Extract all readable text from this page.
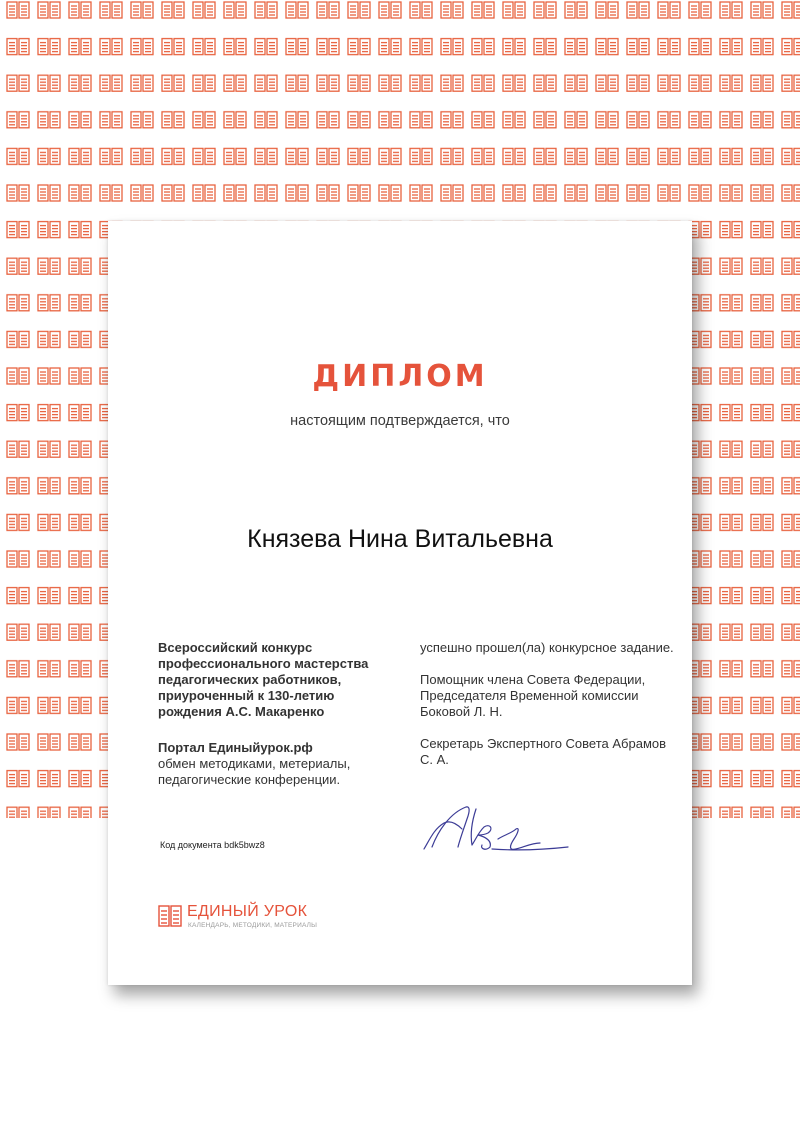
ДИПЛОМ
настоящим подтверждается, что
Князева Нина Витальевна

Всероссийский конкурс профессионального мастерства педагогических работников, приуроченный к 130-летию рождения А.С. Макаренко

Портал Единыйурок.рф

обмен методиками, метериалы, педагогические конференции.

успешно прошел(ла) конкурсное задание.

Помощник члена Совета Федерации, Председателя Временной комиссии Боковой Л. Н.

Секретарь Экспертного Совета Абрамов С. А.

Код документа bdk5bwz8
ЕДИНЫЙ УРОК
КАЛЕНДАРЬ, МЕТОДИКИ, МАТЕРИАЛЫ
